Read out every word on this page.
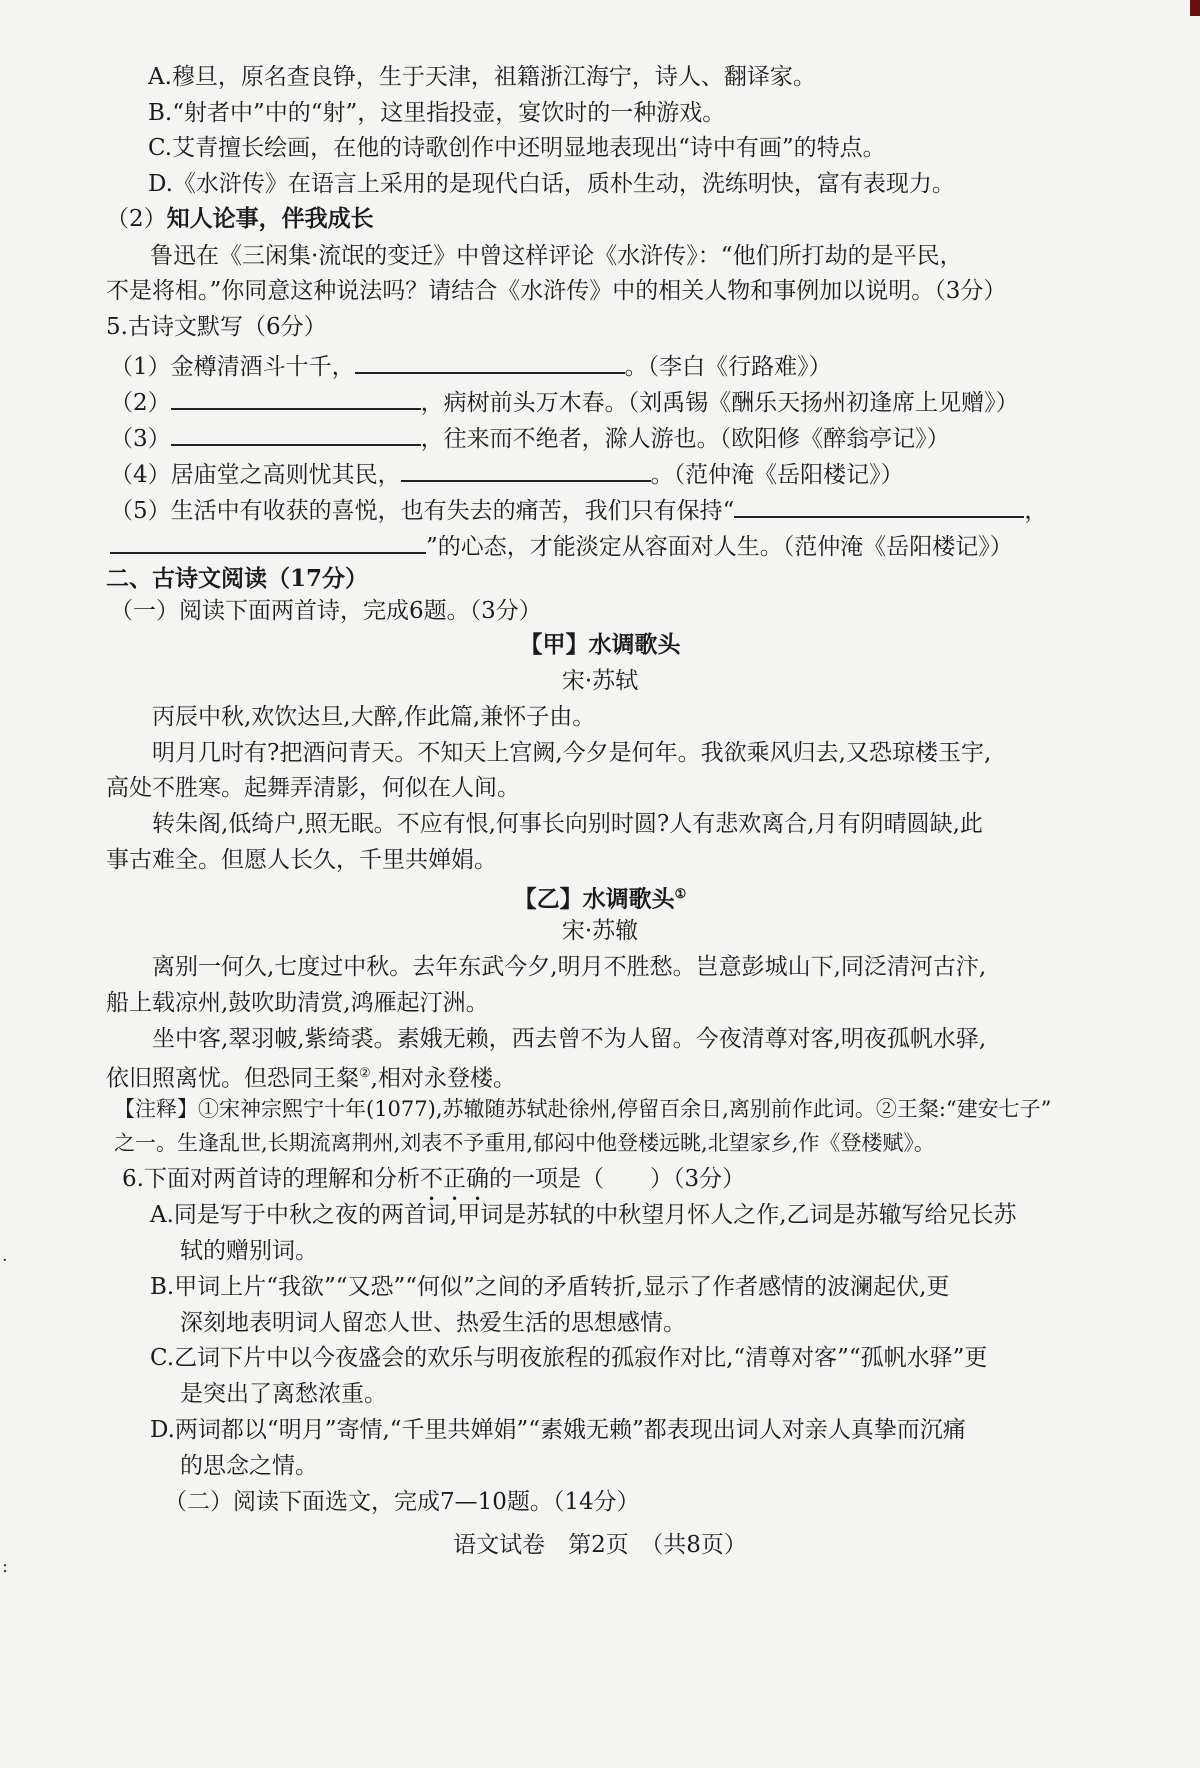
A.穆旦，原名查良铮，生于天津，祖籍浙江海宁，诗人、翻译家。
B.“射者中”中的“射”，这里指投壶，宴饮时的一种游戏。
C.艾青擅长绘画，在他的诗歌创作中还明显地表现出“诗中有画”的特点。
D.《水浒传》在语言上采用的是现代白话，质朴生动，洗练明快，富有表现力。
（2）知人论事，伴我成长
鲁迅在《三闲集·流氓的变迁》中曾这样评论《水浒传》：“他们所打劫的是平民，
不是将相。”你同意这种说法吗？请结合《水浒传》中的相关人物和事例加以说明。（3分）
5.古诗文默写（6分）
（1）金樽清酒斗十千，	。（李白《行路难》）
（2）	，病树前头万木春。（刘禹锡《酬乐天扬州初逢席上见赠》）
（3）	，往来而不绝者，滁人游也。（欧阳修《醉翁亭记》）
（4）居庙堂之高则忧其民，	。（范仲淹《岳阳楼记》）
（5）生活中有收获的喜悦，也有失去的痛苦，我们只有保持“	，
”的心态，才能淡定从容面对人生。（范仲淹《岳阳楼记》）
二、古诗文阅读（17分）
（一）阅读下面两首诗，完成6题。（3分）
【甲】水调歌头
宋·苏轼
丙辰中秋,欢饮达旦,大醉,作此篇,兼怀子由。
明月几时有?把酒问青天。不知天上宫阙,今夕是何年。我欲乘风归去,又恐琼楼玉宇,
高处不胜寒。起舞弄清影，何似在人间。
转朱阁,低绮户,照无眠。不应有恨,何事长向别时圆?人有悲欢离合,月有阴晴圆缺,此
事古难全。但愿人长久，千里共婵娟。
【乙】水调歌头①
宋·苏辙
离别一何久,七度过中秋。去年东武今夕,明月不胜愁。岂意彭城山下,同泛清河古汴,
船上载凉州,鼓吹助清赏,鸿雁起汀洲。
坐中客,翠羽帔,紫绮裘。素娥无赖，西去曾不为人留。今夜清尊对客,明夜孤帆水驿,
依旧照离忧。但恐同王粲②,相对永登楼。
【注释】①宋神宗熙宁十年(1077),苏辙随苏轼赴徐州,停留百余日,离别前作此词。②王粲:“建安七子”
之一。生逢乱世,长期流离荆州,刘表不予重用,郁闷中他登楼远眺,北望家乡,作《登楼赋》。
6.下面对两首诗的理解和分析不正确的一项是（　　）（3分）
A.同是写于中秋之夜的两首词,甲词是苏轼的中秋望月怀人之作,乙词是苏辙写给兄长苏
轼的赠别词。
B.甲词上片“我欲”“又恐”“何似”之间的矛盾转折,显示了作者感情的波澜起伏,更
深刻地表明词人留恋人世、热爱生活的思想感情。
C.乙词下片中以今夜盛会的欢乐与明夜旅程的孤寂作对比,“清尊对客”“孤帆水驿”更
是突出了离愁浓重。
D.两词都以“明月”寄情,“千里共婵娟”“素娥无赖”都表现出词人对亲人真挚而沉痛
的思念之情。
（二）阅读下面选文，完成7—10题。（14分）
语文试卷　第2页　（共8页）
·
:
